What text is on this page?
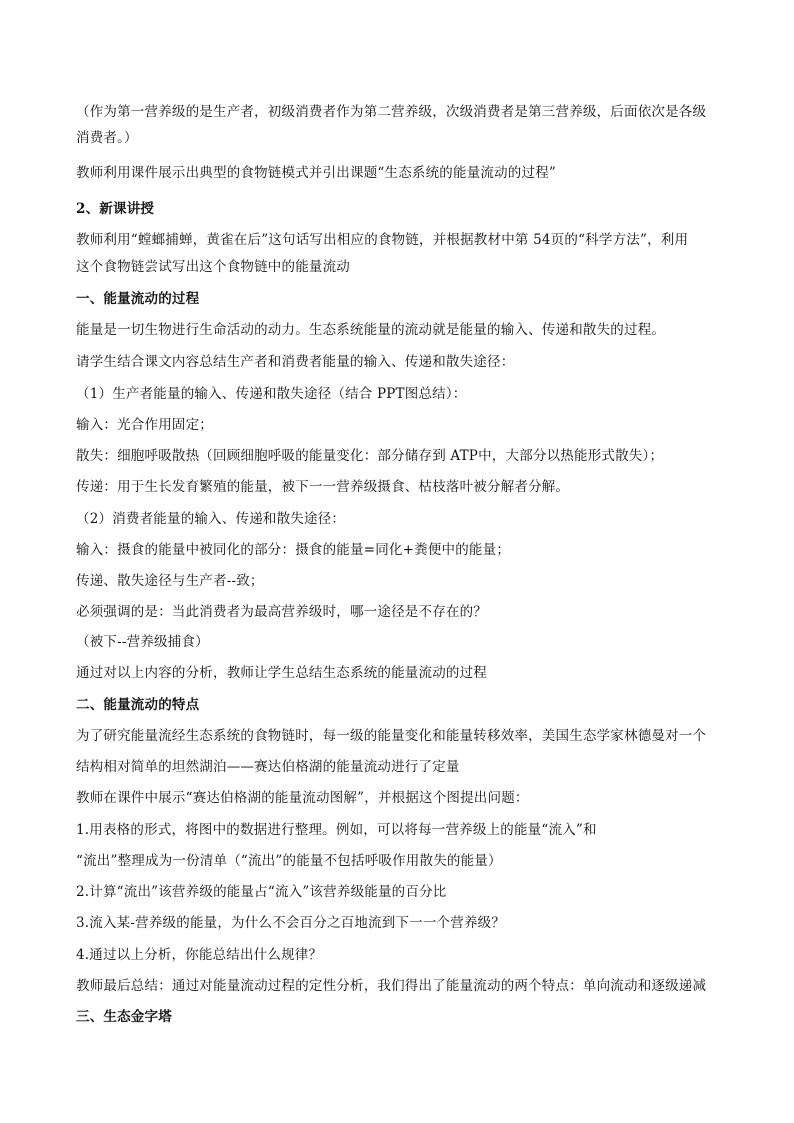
（作为第一营养级的是生产者，初级消费者作为第二营养级，次级消费者是第三营养级，后面依次是各级
消费者。）
教师利用课件展示出典型的食物链模式并引出课题“生态系统的能量流动的过程”
2、新课讲授
教师利用“螳螂捕蝉，黄雀在后”这句话写出相应的食物链，并根据教材中第 54页的“科学方法”，利用
这个食物链尝试写出这个食物链中的能量流动
一、能量流动的过程
能量是一切生物进行生命活动的动力。生态系统能量的流动就是能量的输入、传递和散失的过程。
请学生结合课文内容总结生产者和消费者能量的输入、传递和散失途径：
（1）生产者能量的输入、传递和散失途径（结合 PPT图总结）：
输入：光合作用固定；
散失：细胞呼吸散热（回顾细胞呼吸的能量变化：部分储存到 ATP中，大部分以热能形式散失）；
传递：用于生长发育繁殖的能量，被下一一营养级摄食、枯枝落叶被分解者分解。
（2）消费者能量的输入、传递和散失途径：
输入：摄食的能量中被同化的部分：摄食的能量=同化+粪便中的能量；
传递、散失途径与生产者--致；
必须强调的是：当此消费者为最高营养级时，哪一途径是不存在的？
（被下--营养级捕食）
通过对以上内容的分析，教师让学生总结生态系统的能量流动的过程
二、能量流动的特点
为了研究能量流经生态系统的食物链时，每一级的能量变化和能量转移效率，美国生态学家林德曼对一个
结构相对简单的坦然湖泊——赛达伯格湖的能量流动进行了定量
教师在课件中展示“赛达伯格湖的能量流动图解”，并根据这个图提出问题：
1.用表格的形式，将图中的数据进行整理。例如，可以将每一营养级上的能量“流入”和
“流出”整理成为一份清单（“流出”的能量不包括呼吸作用散失的能量）
2.计算“流出”该营养级的能量占“流入”该营养级能量的百分比
3.流入某-营养级的能量，为什么不会百分之百地流到下一一个营养级？
4.通过以上分析，你能总结出什么规律？
教师最后总结：通过对能量流动过程的定性分析，我们得出了能量流动的两个特点：单向流动和逐级递减
三、生态金字塔
